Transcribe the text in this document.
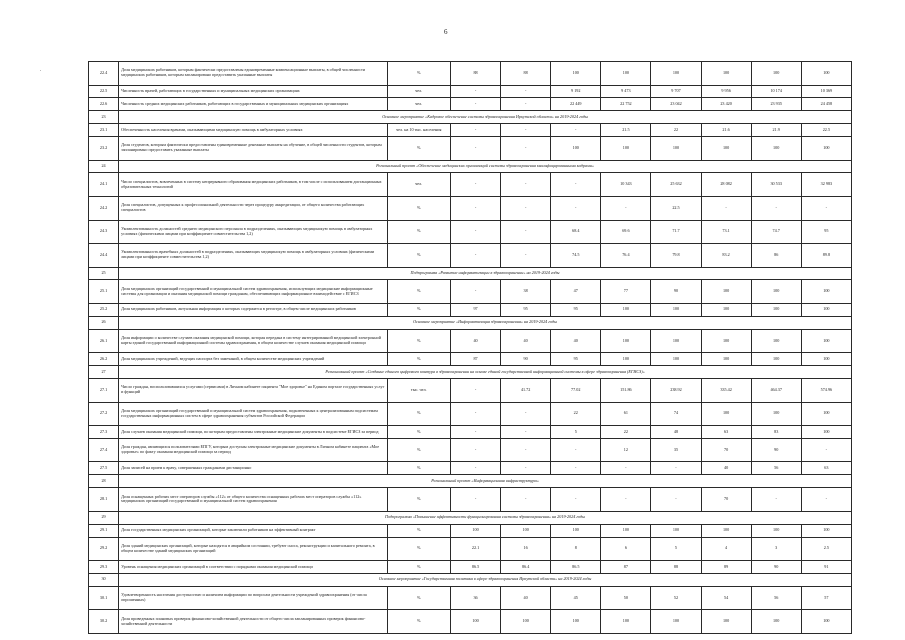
6
22.4	Доля медицинских работников, которым фактически предоставлены единовременные компенсационные выплаты, в общей численности медицинских работников, которым запланировано предоставить указанные выплаты	%	88	88	100	100	100	100	100	100
22.5	Численность врачей, работающих в государственных и муниципальных медицинских организациях	чел.	-	-	9 192	9 473	9 707	9 956	10 174	10 369
22.6	Численность средних медицинских работников, работающих в государственных и муниципальных медицинских организациях	чел.	-	-	22 449	22 752	23 042	23 420	23 935	24 458
23	Основное мероприятие «Кадровое обеспечение системы здравоохранения Иркутской области» на 2019-2024 годы									
23.1	Обеспеченность населения врачами, оказывающими медицинскую помощь в амбулаторных условиях	чел. на 10 тыс. населения	-	-	-	21.5	22	21.6	21.9	22.5
23.2	Доля студентов, которым фактически предоставлены единовременные денежные выплаты на обучение, в общей численности студентов, которым запланировано предоставить указанные выплаты	%	-	-	100	100	100	100	100	100
24	Региональный проект «Обеспечение медицинских организаций системы здравоохранения квалифицированными кадрами»									
24.1	Число специалистов, вовлеченных в систему непрерывного образования медицинских работников, в том числе с использованием дистанционных образовательных технологий	чел.	-	-	-	10 343	25 632	28 082	30 533	32 983
24.2	Доля специалистов, допущенных к профессиональной деятельности через процедуру аккредитации, от общего количества работающих специалистов	%	-	-	-	-	22.5	-	-	-
24.3	Укомплектованность должностей среднего медицинского персонала в подразделениях, оказывающих медицинскую помощь в амбулаторных условиях (физическими лицами при коэффициенте совместительства 1,2)	%	-	-	68.4	69.6	71.7	73.1	74.7	95
24.4	Укомплектованность врачебных должностей в подразделениях, оказывающих медицинскую помощь в амбулаторных условиях (физическими лицами при коэффициенте совместительства 1,2)	%	-	-	74.5	76.4	79.8	83.2	86	89.8
25	Подпрограмма «Развитие информатизации в здравоохранении» на 2019-2024 годы									
25.1	Доля медицинских организаций государственной и муниципальной систем здравоохранения, использующих медицинские информационные системы для организации и оказания медицинской помощи гражданам, обеспечивающих информационное взаимодействие с ЕГИСЗ	%	-	38	47	77	90	100	100	100
25.2	Доля медицинских работников, актуальная информация о которых содержится в регистре, в общем числе медицинских работников	%	97	95	95	100	100	100	100	100
26	Основное мероприятие «Информатизация здравоохранения» на 2019-2024 годы									
26.1	Доля информации о количестве случаев оказания медицинской помощи, которая передана в систему интегрированной медицинской электронной карты единой государственной информационной системы здравоохранения, в общем количестве случаев оказания медицинской помощи	%	40	40	40	100	100	100	100	100
26.2	Доля медицинских учреждений, ведущих паспорта без замечаний, в общем количестве медицинских учреждений	%	87	90	95	100	100	100	100	100
27	Региональный проект «Создание единого цифрового контура в здравоохранении на основе единой государственной информационной системы в сфере здравоохранения (ЕГИСЗ)»									
27.1	Число граждан, воспользовавшихся услугами (сервисами) в Личном кабинете пациента "Мое здоровье" на Едином портале государственных услуг и функций	тыс. чел.	-	41.72	77.02	151.86	238.92	335.42	464.37	574.96
27.2	Доля медицинских организаций государственной и муниципальной систем здравоохранения, подключенных к централизованным подсистемам государственных информационных систем в сфере здравоохранения субъектов Российской Федерации	%	-	-	22	61	74	100	100	100
27.3	Доля случаев оказания медицинской помощи, по которым предоставлены электронные медицинские документы в подсистеме ЕГИСЗ за период	%	-	-	5	22	48	63	83	100
27.4	Доля граждан, являющихся пользователями ЕПГУ, которым доступны электронные медицинские документы в Личном кабинете пациента «Мое здоровье» по факту оказания медицинской помощи за период	%	-	-	-	12	35	70	90	-
27.5	Доля записей на прием к врачу, совершенных гражданами дистанционно	%	-	-	-	-	-	40	56	63
28	Региональный проект «Информационная инфраструктура»									
28.1	Доля оснащенных рабочих мест операторов службы «112» от общего количества оснащенных рабочих мест операторов службы «112» медицинских организаций государственной и муниципальной систем здравоохранения	%	-	-	-	-	-	70	-	-
29	Подпрограмма «Повышение эффективности функционирования системы здравоохранения» на 2019-2024 годы									
29.1	Доля государственных медицинских организаций, которые заключили работников на эффективный контракт	%	100	100	100	100	100	100	100	100
29.2	Доля зданий медицинских организаций, которые находятся в аварийном состоянии, требуют сноса, реконструкции и капитального ремонта, в общем количестве зданий медицинских организаций	%	22.1	16	8	6	5	4	3	2.5
29.3	Уровень оснащения медицинских организаций в соответствии с порядками оказания медицинской помощи	%	86.5	86.4	86.5	87	88	89	90	91
30	Основное мероприятие «Государственная политика в сфере здравоохранения Иркутской области» на 2019-2024 годы									
30.1	Удовлетворенность населения доступностью и наличием информации по вопросам деятельности учреждений здравоохранения (от числа опрошенных)	%	36	40	45	50	52	54	56	57
30.2	Доля проведенных плановых проверок финансово-хозяйственной деятельности от общего числа запланированных проверок финансово-хозяйственной деятельности	%	100	100	100	100	100	100	100	100
